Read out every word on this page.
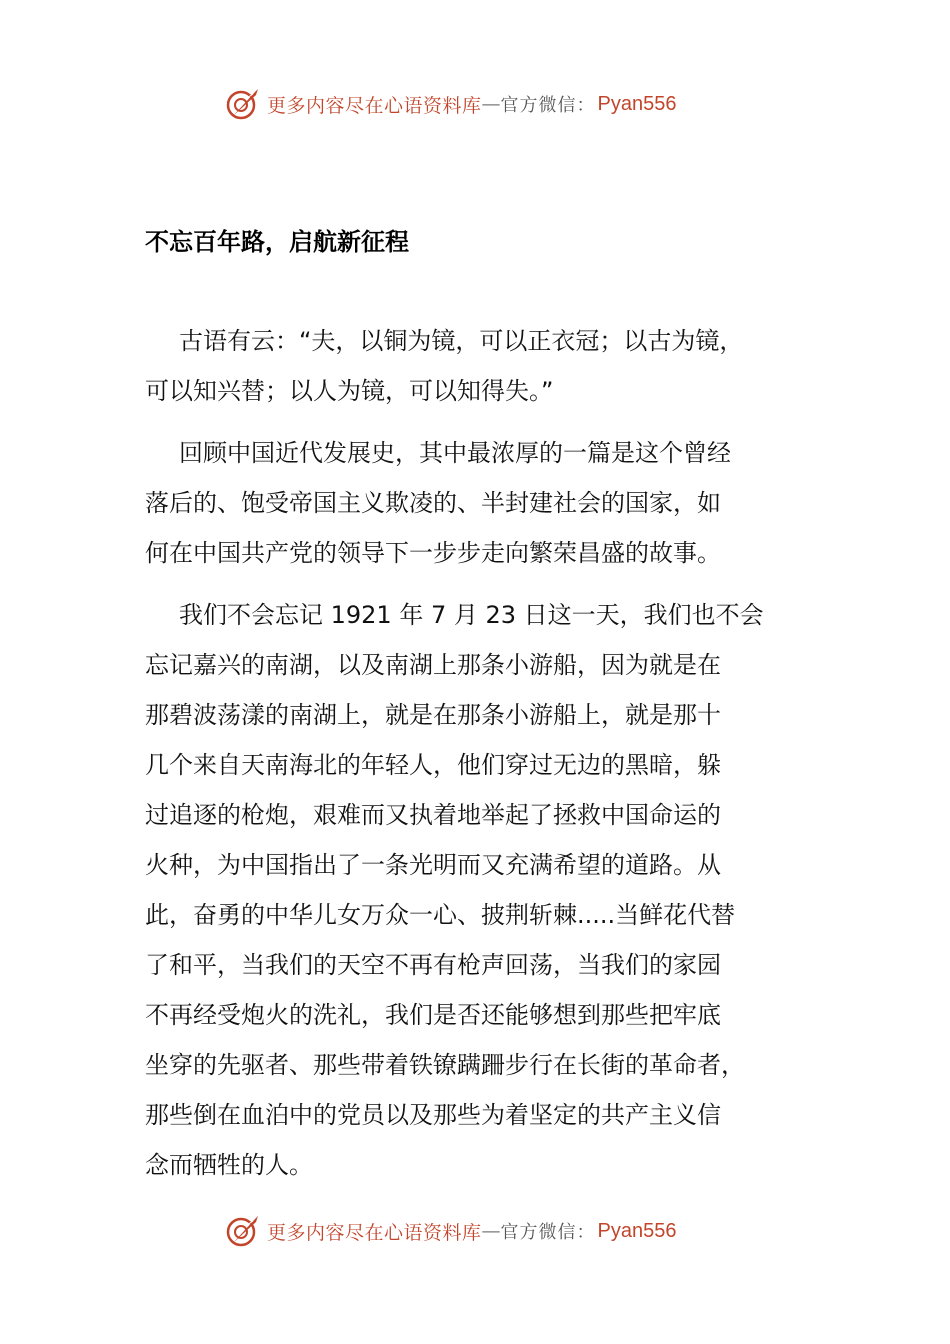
更多内容尽在心语资料库 — 官方微信： Pyan556
不忘百年路，启航新征程

古语有云：“夫，以铜为镜，可以正衣冠；以古为镜，
可以知兴替；以人为镜，可以知得失。”

回顾中国近代发展史，其中最浓厚的一篇是这个曾经
落后的、饱受帝国主义欺凌的、半封建社会的国家，如
何在中国共产党的领导下一步步走向繁荣昌盛的故事。

我们不会忘记 1921 年 7 月 23 日这一天，我们也不会
忘记嘉兴的南湖，以及南湖上那条小游船，因为就是在
那碧波荡漾的南湖上，就是在那条小游船上，就是那十
几个来自天南海北的年轻人，他们穿过无边的黑暗，躲
过追逐的枪炮，艰难而又执着地举起了拯救中国命运的
火种，为中国指出了一条光明而又充满希望的道路。从
此，奋勇的中华儿女万众一心、披荆斩棘.....当鲜花代替
了和平，当我们的天空不再有枪声回荡，当我们的家园
不再经受炮火的洗礼，我们是否还能够想到那些把牢底
坐穿的先驱者、那些带着铁镣蹒跚步行在长街的革命者，
那些倒在血泊中的党员以及那些为着坚定的共产主义信
念而牺牲的人。

更多内容尽在心语资料库 — 官方微信： Pyan556
